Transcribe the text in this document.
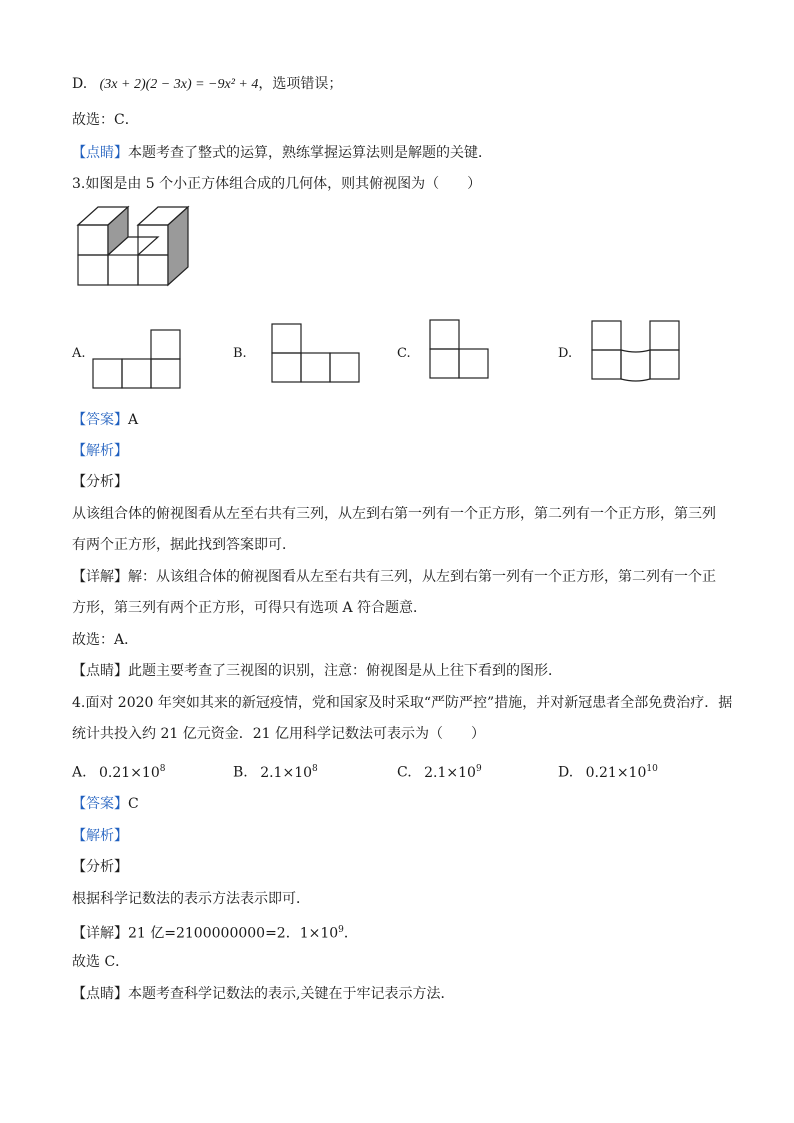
D. (3x + 2)(2 − 3x) = −9x² + 4，选项错误；
故选：C．
【点睛】本题考查了整式的运算，熟练掌握运算法则是解题的关键．
3.如图是由 5 个小正方体组合成的几何体，则其俯视图为（　　）
A.	B.	C.	D.
【答案】A
【解析】
【分析】
从该组合体的俯视图看从左至右共有三列，从左到右第一列有一个正方形，第二列有一个正方形，第三列
有两个正方形，据此找到答案即可．
【详解】解：从该组合体的俯视图看从左至右共有三列，从左到右第一列有一个正方形，第二列有一个正
方形，第三列有两个正方形，可得只有选项 A 符合题意．
故选：A．
【点睛】此题主要考查了三视图的识别，注意：俯视图是从上往下看到的图形．
4.面对 2020 年突如其来的新冠疫情，党和国家及时采取“严防严控”措施，并对新冠患者全部免费治疗．据
统计共投入约 21 亿元资金．21 亿用科学记数法可表示为（　　）
A. $0.21\times 10^8$	B. $2.1\times 10^8$	C. $2.1\times 10^9$	D. $0.21\times 10^{10}$
【答案】C
【解析】
【分析】
根据科学记数法的表示方法表示即可．
【详解】21 亿=2100000000=2．$1\times 10^9$．
故选 C．
【点睛】本题考查科学记数法的表示,关键在于牢记表示方法．
